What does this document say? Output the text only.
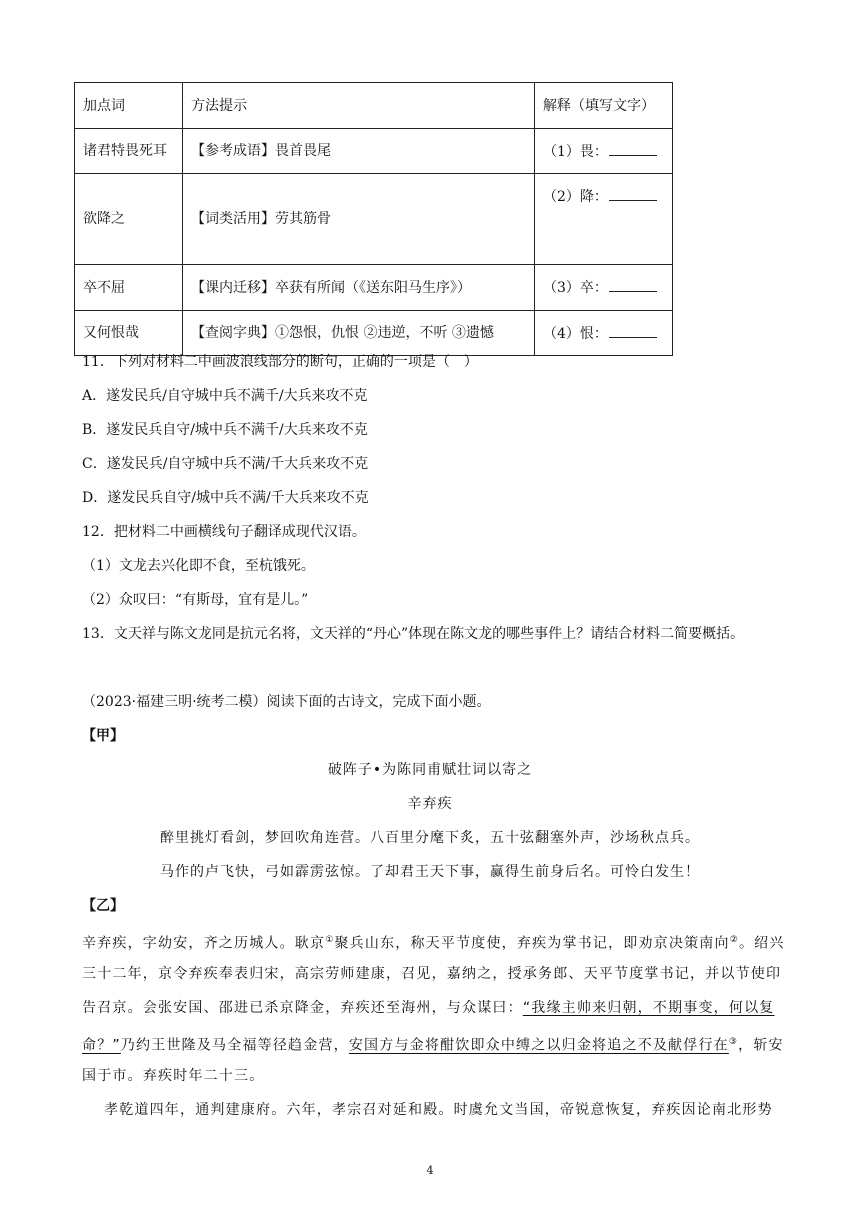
加点词	方法提示	解释（填写文字）
诸君特畏死耳	【参考成语】畏首畏尾	（1）畏：
欲降之	【词类活用】劳其筋骨	（2）降：
卒不屈	【课内迁移】卒获有所闻（《送东阳马生序》）	（3）卒：
又何恨哉	【查阅字典】①怨恨，仇恨 ②违逆，不听 ③遗憾	（4）恨：
11．下列对材料二中画波浪线部分的断句，正确的一项是（　）
A．遂发民兵/自守城中兵不满千/大兵来攻不克
B．遂发民兵自守/城中兵不满千/大兵来攻不克
C．遂发民兵/自守城中兵不满/千大兵来攻不克
D．遂发民兵自守/城中兵不满/千大兵来攻不克
12．把材料二中画横线句子翻译成现代汉语。
（1）文龙去兴化即不食，至杭饿死。
（2）众叹曰：“有斯母，宜有是儿。”
13．文天祥与陈文龙同是抗元名将，文天祥的“丹心”体现在陈文龙的哪些事件上？请结合材料二简要概括。
（2023·福建三明·统考二模）阅读下面的古诗文，完成下面小题。
【甲】
破阵子•为陈同甫赋壮词以寄之
辛弃疾
醉里挑灯看剑，梦回吹角连营。八百里分麾下炙，五十弦翻塞外声，沙场秋点兵。
马作的卢飞快，弓如霹雳弦惊。了却君王天下事，赢得生前身后名。可怜白发生！
【乙】
辛弃疾，字幼安，齐之历城人。耿京①聚兵山东，称天平节度使，弃疾为掌书记，即劝京决策南向②。绍兴
三十二年，京令弃疾奉表归宋，高宗劳师建康，召见，嘉纳之，授承务郎、天平节度掌书记，并以节使印
告召京。会张安国、邵进已杀京降金，弃疾还至海州，与众谋曰：“我缘主帅来归朝，不期事变，何以复
命？”乃约王世隆及马全福等径趋金营，安国方与金将酣饮即众中缚之以归金将追之不及献俘行在③，斩安
国于市。弃疾时年二十三。
孝乾道四年，通判建康府。六年，孝宗召对延和殿。时虞允文当国，帝锐意恢复，弃疾因论南北形势
4
